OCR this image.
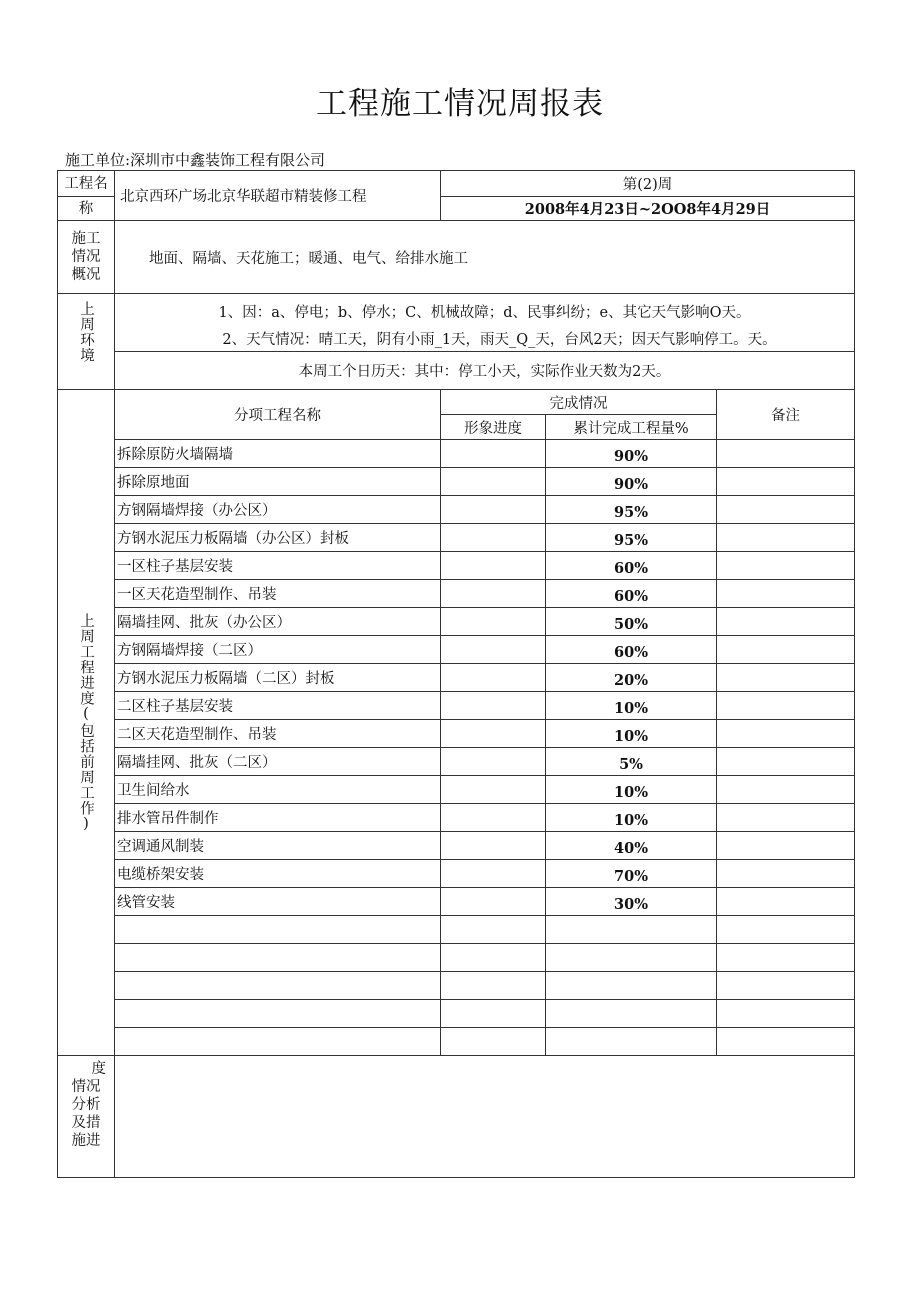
工程施工情况周报表
施工单位:深圳市中鑫装饰工程有限公司
工程名	北京西环广场北京华联超市精装修工程	第(2)周		
称		2008年4月23日~2OO8年4月29日		

施工情况概况	地面、隔墙、天花施工；暖通、电气、给排水施工			

上周环境	1、因：a、停电；b、停水；C、机械故障；d、民事纠纷；e、其它天气影响O天。
2、天气情况：晴工天，阴有小雨_1天，雨天_Q_天，台风2天；因天气影响停工。天。			

	本周工个日历天：其中：停工小天，实际作业天数为2天。			

上周工程进度(包括前周工作)	分项工程名称	完成情况		备注
		形象进度	累计完成工程量%	
	拆除原防火墙隔墙		90%	
	拆除原地面		90%	
	方钢隔墙焊接（办公区）		95%	
	方钢水泥压力板隔墙（办公区）封板		95%	
	一区柱子基层安装		60%	
	一区天花造型制作、吊装		60%	
	隔墙挂网、批灰（办公区）		50%	
	方钢隔墙焊接（二区）		60%	
	方钢水泥压力板隔墙（二区）封板		20%	
	二区柱子基层安装		10%	
	二区天花造型制作、吊装		10%	
	隔墙挂网、批灰（二区）		5%	
	卫生间给水		10%	
	排水管吊件制作		10%	
	空调通风制装		40%	
	电缆桥架安装		70%	
	线管安装		30%	

度
情况分析及措施进				
